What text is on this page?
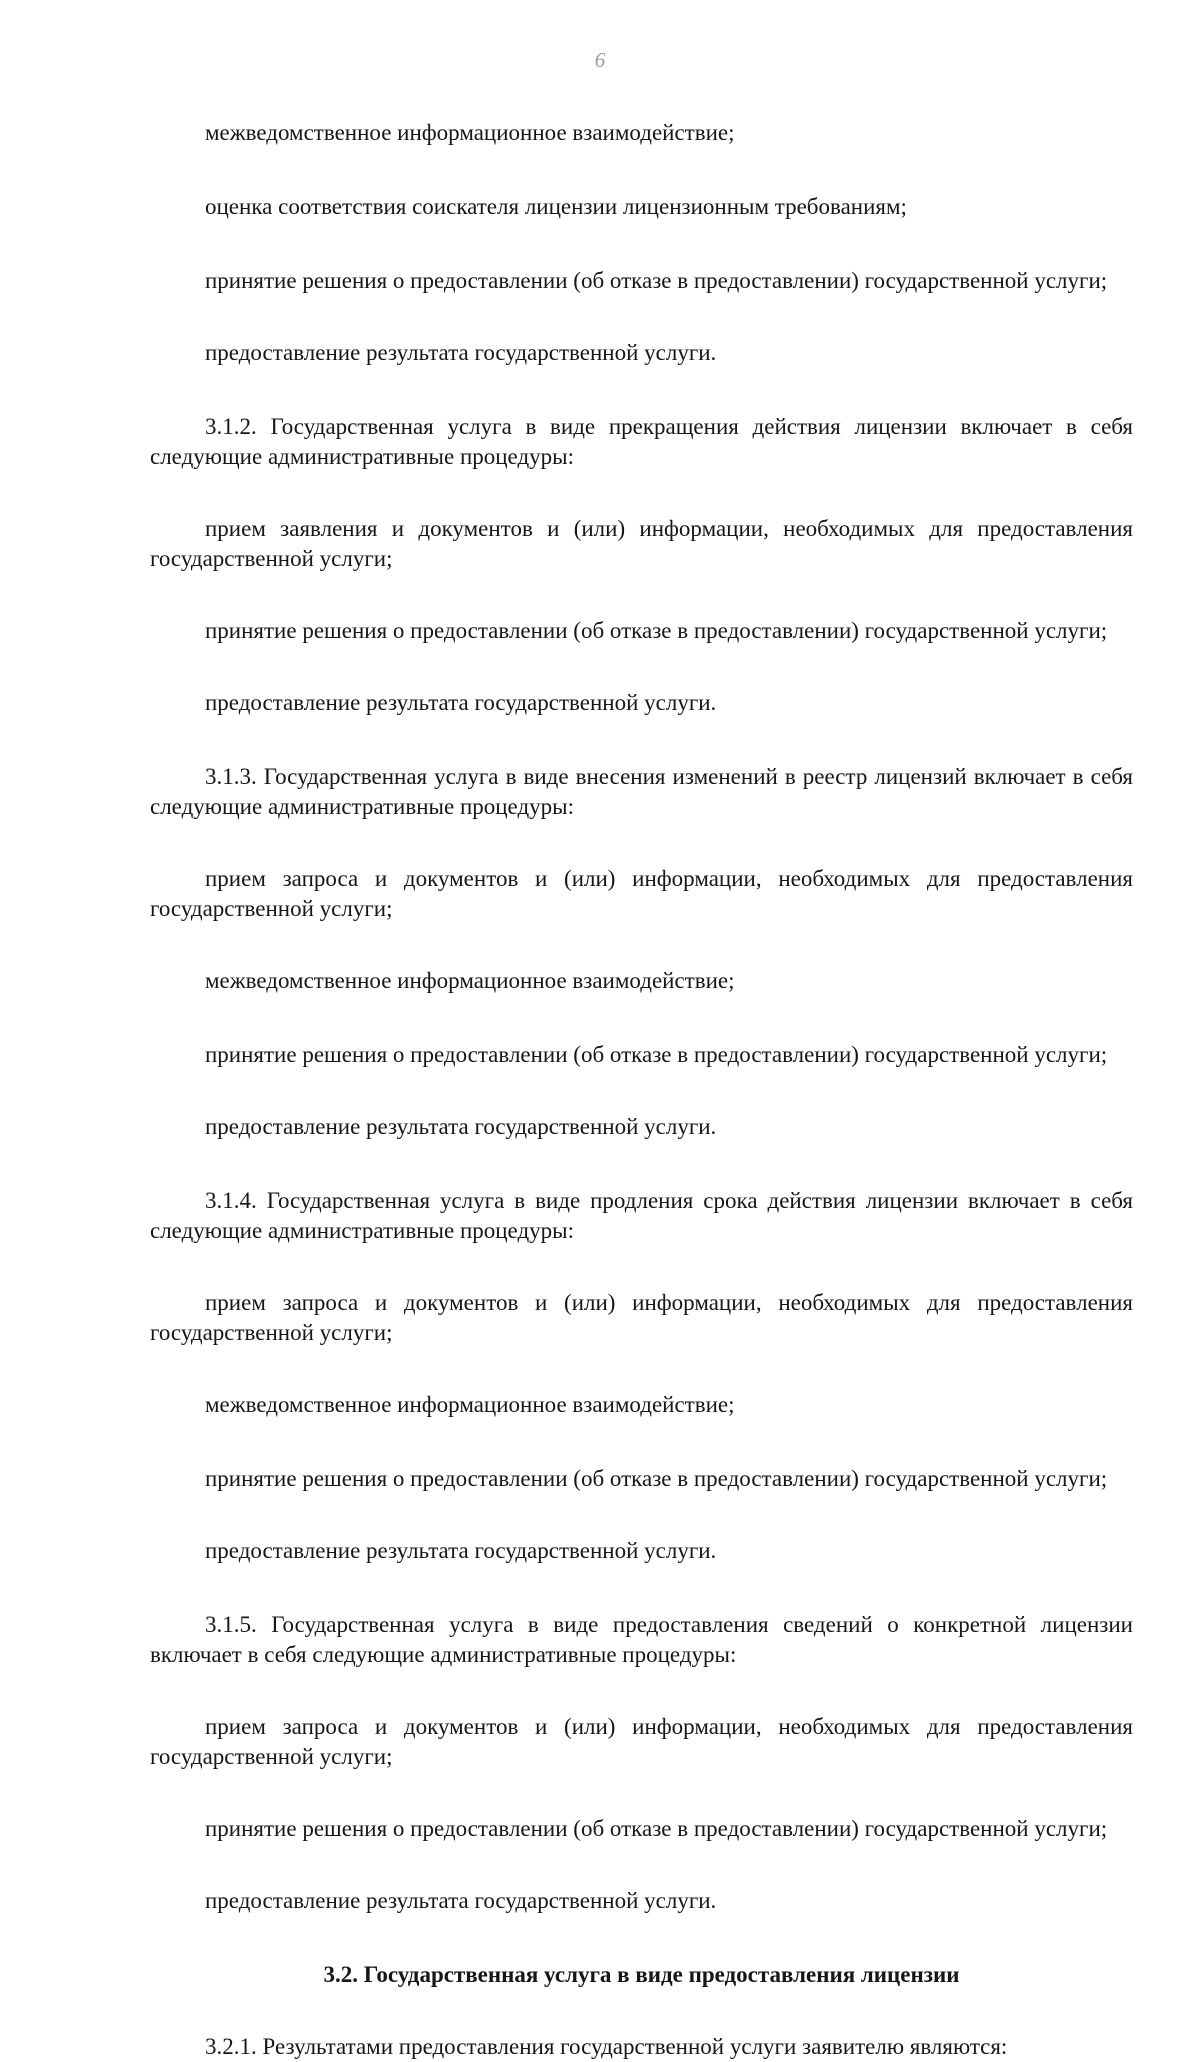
6

межведомственное информационное взаимодействие;

оценка соответствия соискателя лицензии лицензионным требованиям;

принятие решения о предоставлении (об отказе в предоставлении) государственной услуги;

предоставление результата государственной услуги.

3.1.2. Государственная услуга в виде прекращения действия лицензии включает в себя следующие административные процедуры:

прием заявления и документов и (или) информации, необходимых для предоставления государственной услуги;

принятие решения о предоставлении (об отказе в предоставлении) государственной услуги;

предоставление результата государственной услуги.

3.1.3. Государственная услуга в виде внесения изменений в реестр лицензий включает в себя следующие административные процедуры:

прием запроса и документов и (или) информации, необходимых для предоставления государственной услуги;

межведомственное информационное взаимодействие;

принятие решения о предоставлении (об отказе в предоставлении) государственной услуги;

предоставление результата государственной услуги.

3.1.4. Государственная услуга в виде продления срока действия лицензии включает в себя следующие административные процедуры:

прием запроса и документов и (или) информации, необходимых для предоставления государственной услуги;

межведомственное информационное взаимодействие;

принятие решения о предоставлении (об отказе в предоставлении) государственной услуги;

предоставление результата государственной услуги.

3.1.5. Государственная услуга в виде предоставления сведений о конкретной лицензии включает в себя следующие административные процедуры:

прием запроса и документов и (или) информации, необходимых для предоставления государственной услуги;

принятие решения о предоставлении (об отказе в предоставлении) государственной услуги;

предоставление результата государственной услуги.

3.2. Государственная услуга в виде предоставления лицензии

3.2.1. Результатами предоставления государственной услуги заявителю являются:
